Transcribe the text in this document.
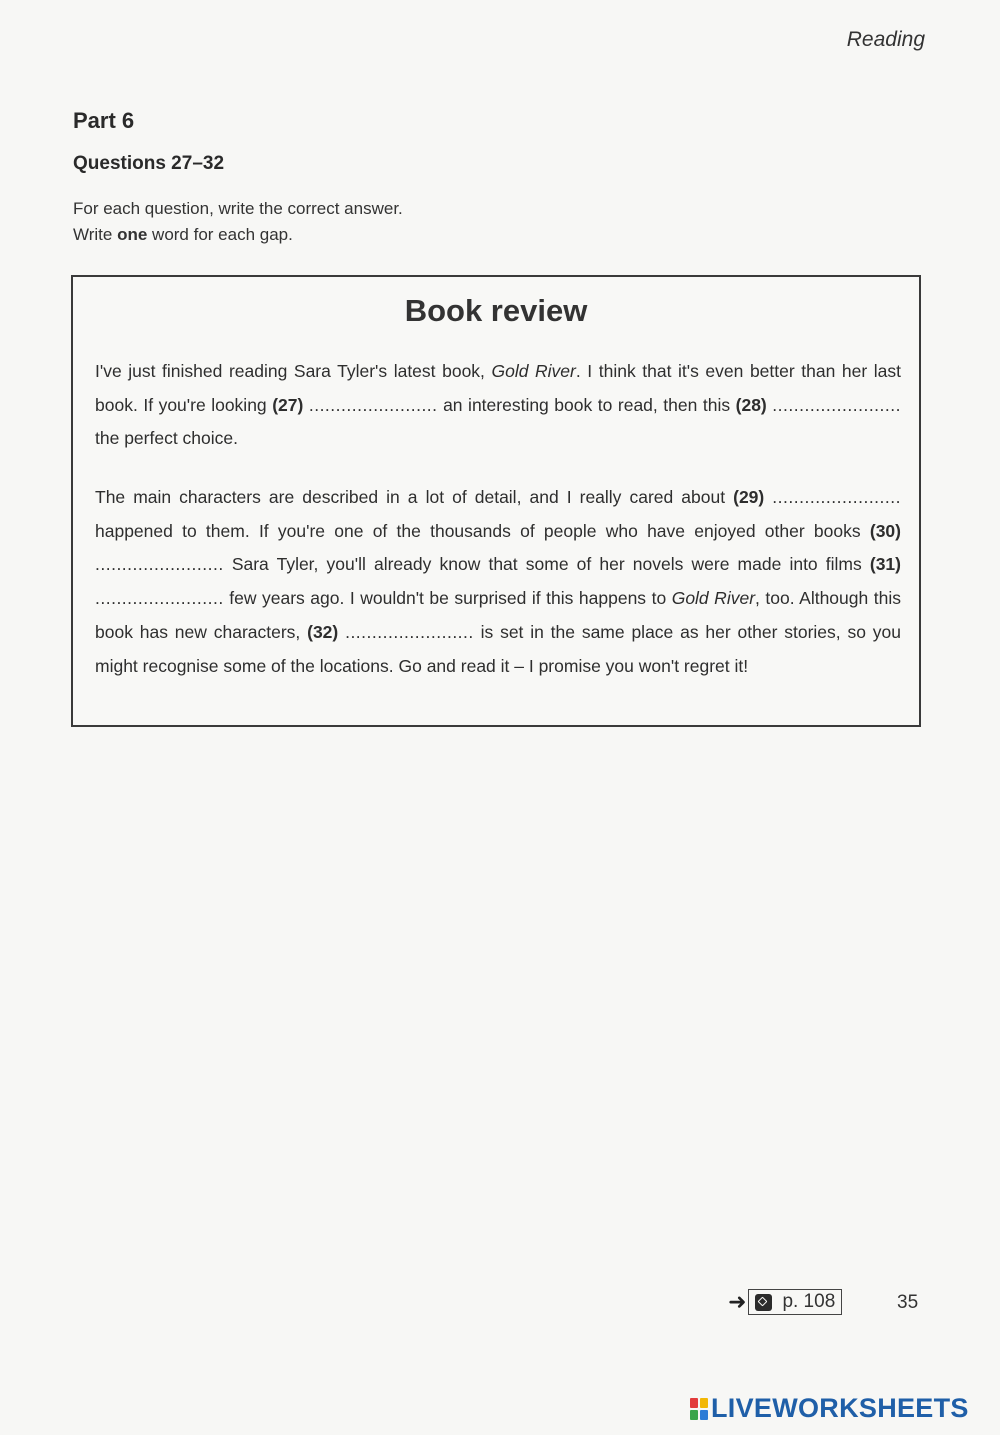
Reading
Part 6
Questions 27–32
For each question, write the correct answer.
Write one word for each gap.
Book review
I've just finished reading Sara Tyler's latest book, Gold River. I think that it's even better than her last book. If you're looking (27) ........................ an interesting book to read, then this (28) ........................ the perfect choice.
The main characters are described in a lot of detail, and I really cared about (29) ........................ happened to them. If you're one of the thousands of people who have enjoyed other books (30) ........................ Sara Tyler, you'll already know that some of her novels were made into films (31) ........................ few years ago. I wouldn't be surprised if this happens to Gold River, too. Although this book has new characters, (32) ........................ is set in the same place as her other stories, so you might recognise some of the locations. Go and read it – I promise you won't regret it!
➜ p. 108	35
LIVEWORKSHEETS
